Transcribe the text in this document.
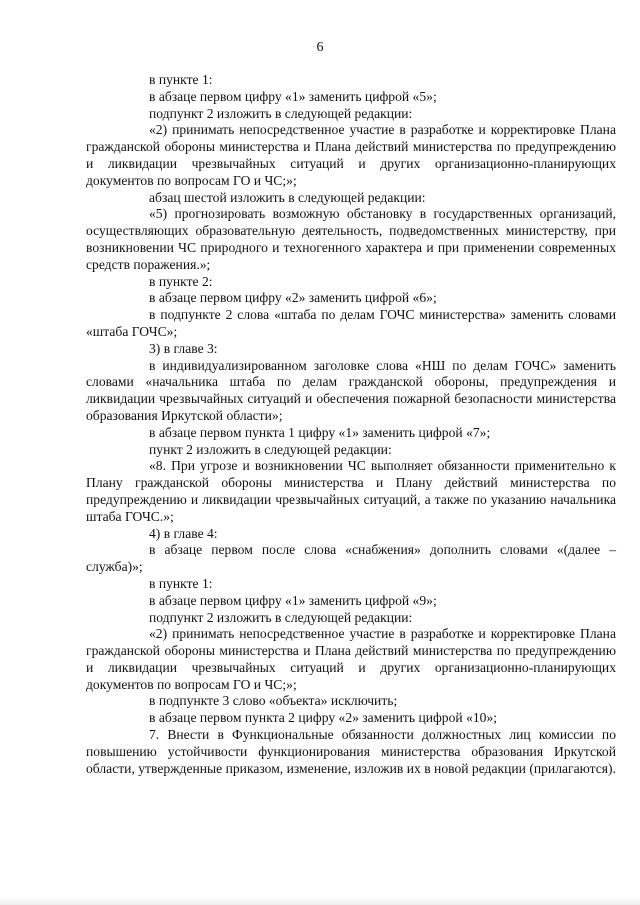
6

в пункте 1:

в абзаце первом цифру «1» заменить цифрой «5»;

подпункт 2 изложить в следующей редакции:

«2) принимать непосредственное участие в разработке и корректировке Плана гражданской обороны министерства и Плана действий министерства по предупреждению и ликвидации чрезвычайных ситуаций и других организационно-планирующих документов по вопросам ГО и ЧС;»;

абзац шестой изложить в следующей редакции:

«5) прогнозировать возможную обстановку в государственных организаций, осуществляющих образовательную деятельность, подведомственных министерству, при возникновении ЧС природного и техногенного характера и при применении современных средств поражения.»;

в пункте 2:

в абзаце первом цифру «2» заменить цифрой «6»;

в подпункте 2 слова «штаба по делам ГОЧС министерства» заменить словами «штаба ГОЧС»;

3) в главе 3:

в индивидуализированном заголовке слова «НШ по делам ГОЧС» заменить словами «начальника штаба по делам гражданской обороны, предупреждения и ликвидации чрезвычайных ситуаций и обеспечения пожарной безопасности министерства образования Иркутской области»;

в абзаце первом пункта 1 цифру «1» заменить цифрой «7»;

пункт 2 изложить в следующей редакции:

«8. При угрозе и возникновении ЧС выполняет обязанности применительно к Плану гражданской обороны министерства и Плану действий министерства по предупреждению и ликвидации чрезвычайных ситуаций, а также по указанию начальника штаба ГОЧС.»;

4) в главе 4:

в абзаце первом после слова «снабжения» дополнить словами «(далее – служба)»;

в пункте 1:

в абзаце первом цифру «1» заменить цифрой «9»;

подпункт 2 изложить в следующей редакции:

«2) принимать непосредственное участие в разработке и корректировке Плана гражданской обороны министерства и Плана действий министерства по предупреждению и ликвидации чрезвычайных ситуаций и других организационно-планирующих документов по вопросам ГО и ЧС;»;

в подпункте 3 слово «объекта» исключить;

в абзаце первом пункта 2 цифру «2» заменить цифрой «10»;

7. Внести в Функциональные обязанности должностных лиц комиссии по повышению устойчивости функционирования министерства образования Иркутской области, утвержденные приказом, изменение, изложив их в новой редакции (прилагаются).
